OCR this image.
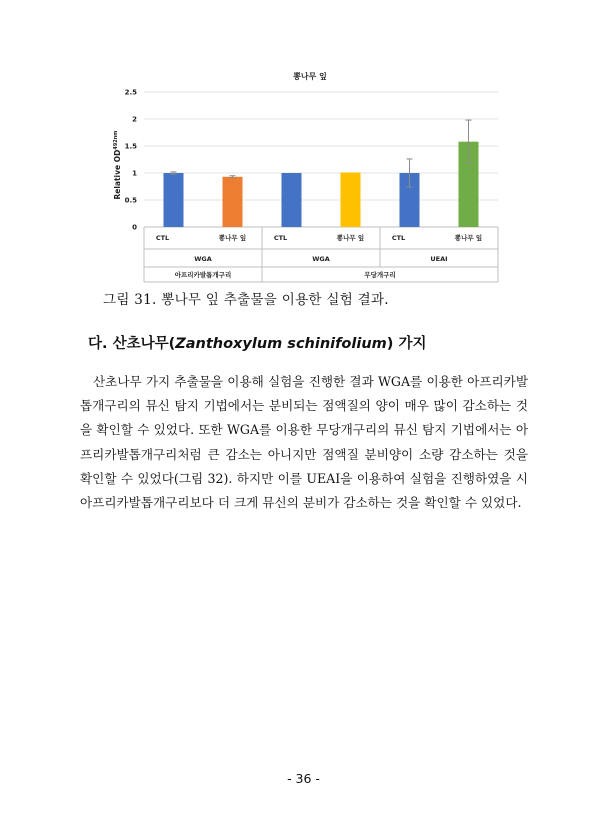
뽕나무 잎
Relative $OD^{492nm}$
0
0.5
1
1.5
2
2.5
CTL	뽕나무 잎	CTL	뽕나무 잎	CTL	뽕나무 잎
WGA	WGA	UEAI
아프리카발톱개구리	무당개구리
그림 31. 뽕나무 잎 추출물을 이용한 실험 결과.
다. 산초나무(Zanthoxylum schinifolium) 가지
산초나무 가지 추출물을 이용해 실험을 진행한 결과 WGA를 이용한 아프리카발톱개구리의 뮤신 탐지 기법에서는 분비되는 점액질의 양이 매우 많이 감소하는 것을 확인할 수 있었다. 또한 WGA를 이용한 무당개구리의 뮤신 탐지 기법에서는 아프리카발톱개구리처럼 큰 감소는 아니지만 점액질 분비양이 소량 감소하는 것을 확인할 수 있었다(그림 32). 하지만 이를 UEAI을 이용하여 실험을 진행하였을 시 아프리카발톱개구리보다 더 크게 뮤신의 분비가 감소하는 것을 확인할 수 있었다.
- 36 -
